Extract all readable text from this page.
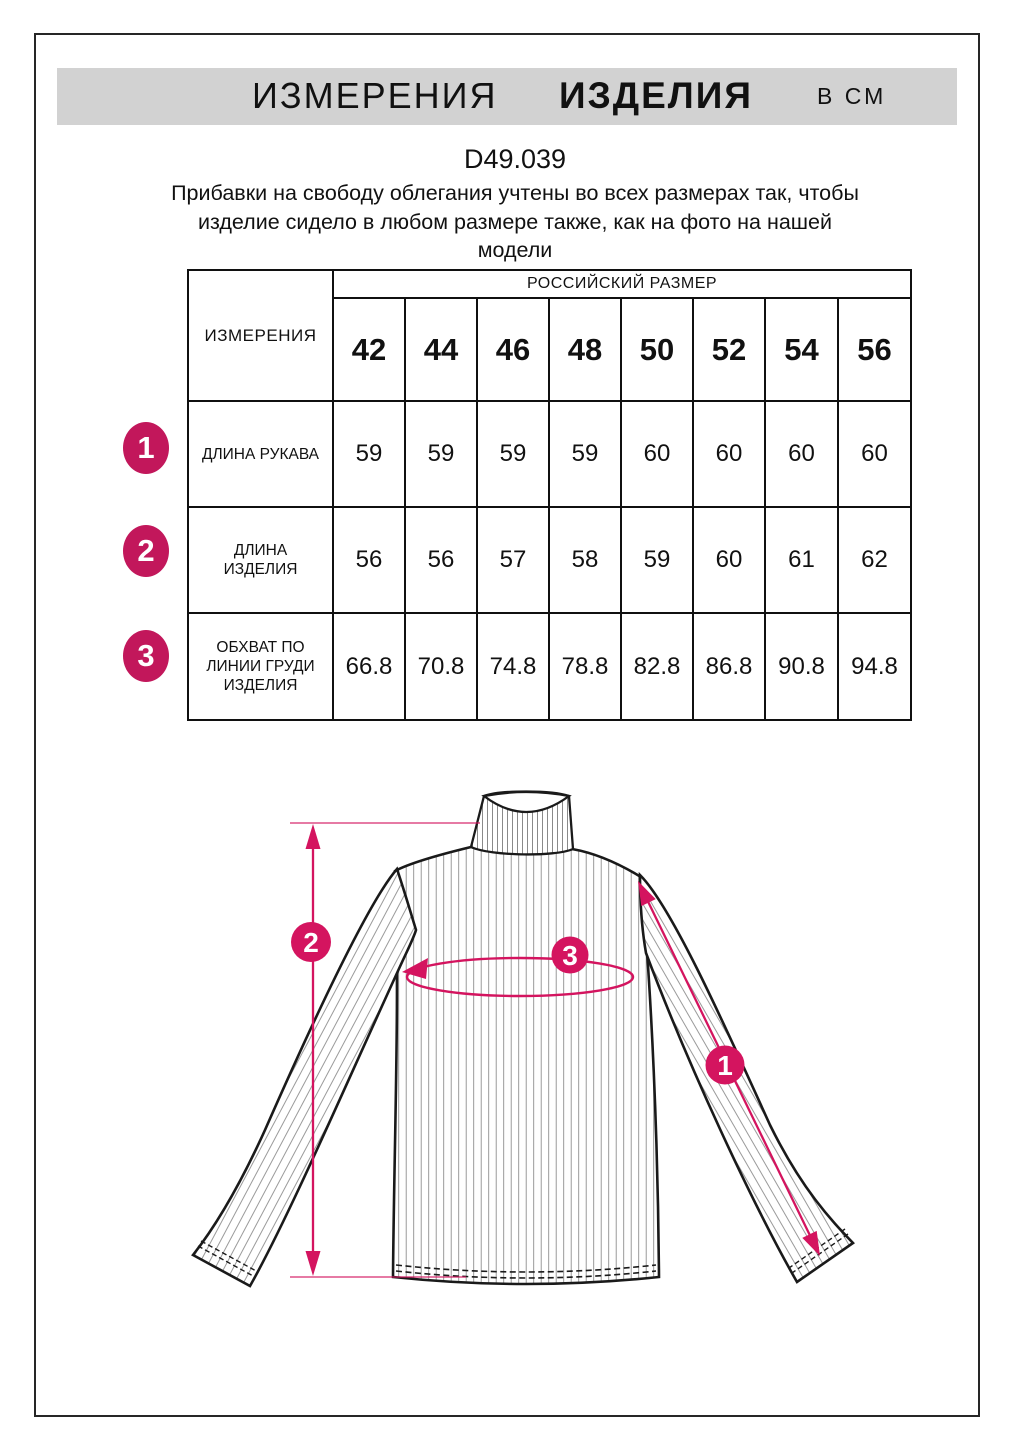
ИЗМЕРЕНИЯ ИЗДЕЛИЯ	В СМ
D49.039
Прибавки на свободу облегания учтены во всех размерах так, чтобы
изделие сидело в любом размере также, как на фото на нашей
модели
ИЗМЕРЕНИЯ	РОССИЙСКИЙ РАЗМЕР							
	42	44	46	48	50	52	54	56
ДЛИНА РУКАВА	59	59	59	59	60	60	60	60
ДЛИНА ИЗДЕЛИЯ	56	56	57	58	59	60	61	62
ОБХВАТ ПО ЛИНИИ ГРУДИ ИЗДЕЛИЯ	66.8	70.8	74.8	78.8	82.8	86.8	90.8	94.8
1
2
3
2	3
1
